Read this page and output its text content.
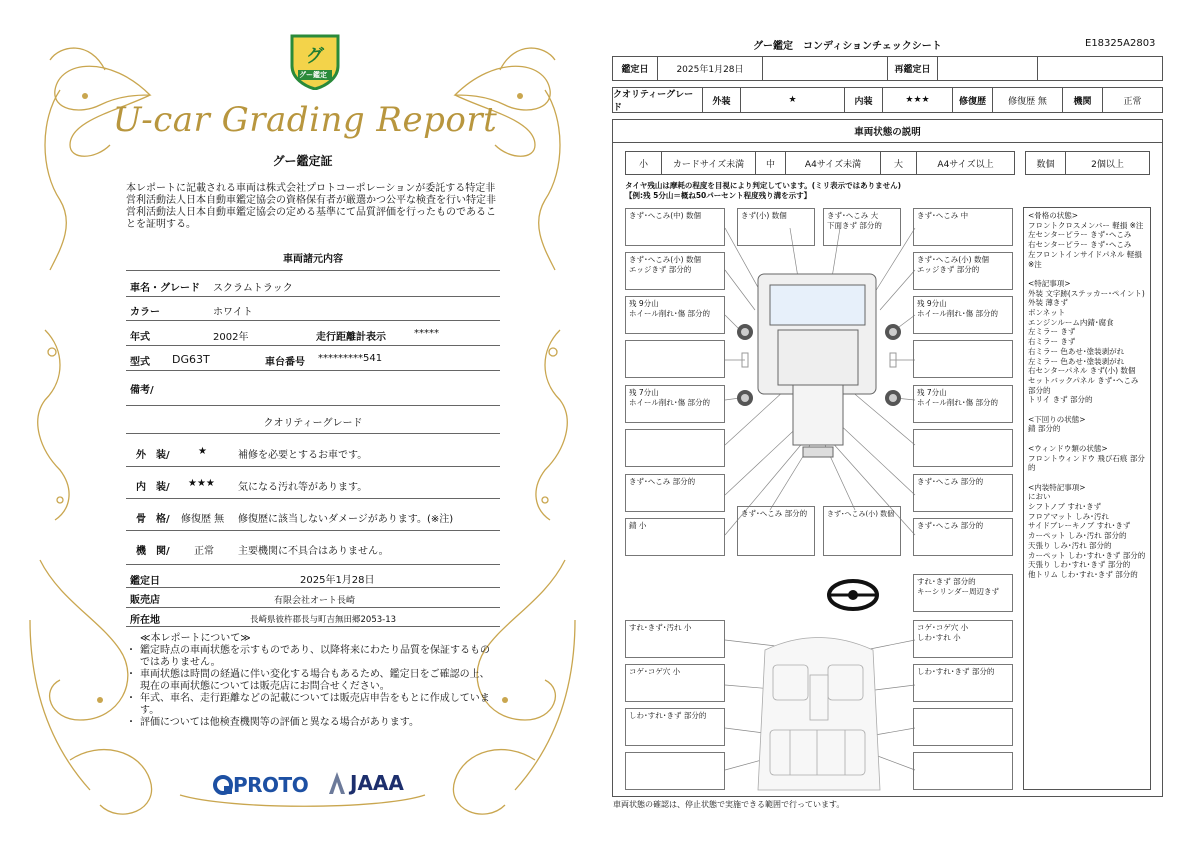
グ
グー鑑定
U-car Grading Report
グー鑑定証
本レポートに記載される車両は株式会社プロトコーポレーションが委託する特定非営利活動法人日本自動車鑑定協会の資格保有者が厳選かつ公平な検査を行い特定非営利活動法人日本自動車鑑定協会の定める基準にて品質評価を行ったものであることを証明する。
車両諸元内容
車名・グレード スクラムトラック
カラー	ホワイト
年式	2002年	走行距離計表示	*****
型式 DG63T	車台番号 *********541
備考/
クオリティーグレード
外　装/	★	補修を必要とするお車です。
内　装/ ★★★ 気になる汚れ等があります。
骨　格/ 修復歴 無 修復歴に該当しないダメージがあります。(※注)
機　関/ 正常 主要機関に不具合はありません。
鑑定日	2025年1月28日
販売店	有限会社オート長崎
所在地	長崎県彼杵郡長与町吉無田郷2053-13
≪本レポートについて≫
・ 鑑定時点の車両状態を示すものであり、以降将来にわたり品質を保証するものではありません。
・ 車両状態は時間の経過に伴い変化する場合もあるため、鑑定日をご確認の上、現在の車両状態については販売店にお問合せください。
・ 年式、車名、走行距離などの記載については販売店申告をもとに作成しています。
・ 評価については他検査機関等の評価と異なる場合があります。
PROTO JAAA
グー鑑定　コンディションチェックシート	E18325A2803
鑑定日	2025年1月28日	再鑑定日
クオリティーグレード
外装	★	内装	★★★	修復歴	修復歴 無	機関	正常
車両状態の説明
小	カードサイズ未満	中	A4サイズ未満	大	A4サイズ以上	数個	2個以上
タイヤ残山は摩耗の程度を目視により判定しています。(ミリ表示ではありません)
【例:残 5分山＝概ね50パーセント程度残り溝を示す】
きず･へこみ(中) 数個	きず(小) 数個	きず･へこみ 大
下面きず 部分的
きず･へこみ 中
きず･へこみ(小) 数個
エッジきず 部分的
きず･へこみ(小) 数個
エッジきず 部分的
残 9分山
ホイール削れ･傷 部分的
残 9分山
ホイール削れ･傷 部分的
残 7分山
ホイール削れ･傷 部分的
残 7分山
ホイール削れ･傷 部分的
きず･へこみ 部分的	きず･へこみ 部分的
錆 小
きず･へこみ 部分的	きず･へこみ(小) 数個
きず･へこみ 部分的
すれ･きず 部分的
キーシリンダー周辺きず
すれ･きず･汚れ 小	コゲ･コゲ穴 小
しわ･すれ 小
コゲ･コゲ穴 小	しわ･すれ･きず 部分的
しわ･すれ･きず 部分的
<骨格の状態>
フロントクロスメンバー 軽損 ※注
左センターピラー きず･へこみ
右センターピラー きず･へこみ
左フロントインサイドパネル 軽損
※注
<特記事項>
外装 文字跡(ステッカー･ペイント)
外装 薄きず
ボンネット
エンジンルーム内錆･腐食
左ミラー きず
右ミラー きず
右ミラー 色あせ･塗装剥がれ
左ミラー 色あせ･塗装剥がれ
右センターパネル きず(小) 数個
セットバックパネル きず･へこみ
部分的
トリイ きず 部分的
<下回りの状態>
錆 部分的
<ウィンドウ類の状態>
フロントウィンドウ 飛び石痕 部分的
<内装特記事項>
におい
シフトノブ すれ･きず
フロアマット しみ･汚れ
サイドブレーキノブ すれ･きず
カーペット しみ･汚れ 部分的
天張り しみ･汚れ 部分的
カーペット しわ･すれ･きず 部分的
天張り しわ･すれ･きず 部分的
他トリム しわ･すれ･きず 部分的
車両状態の確認は、停止状態で実施できる範囲で行っています。
